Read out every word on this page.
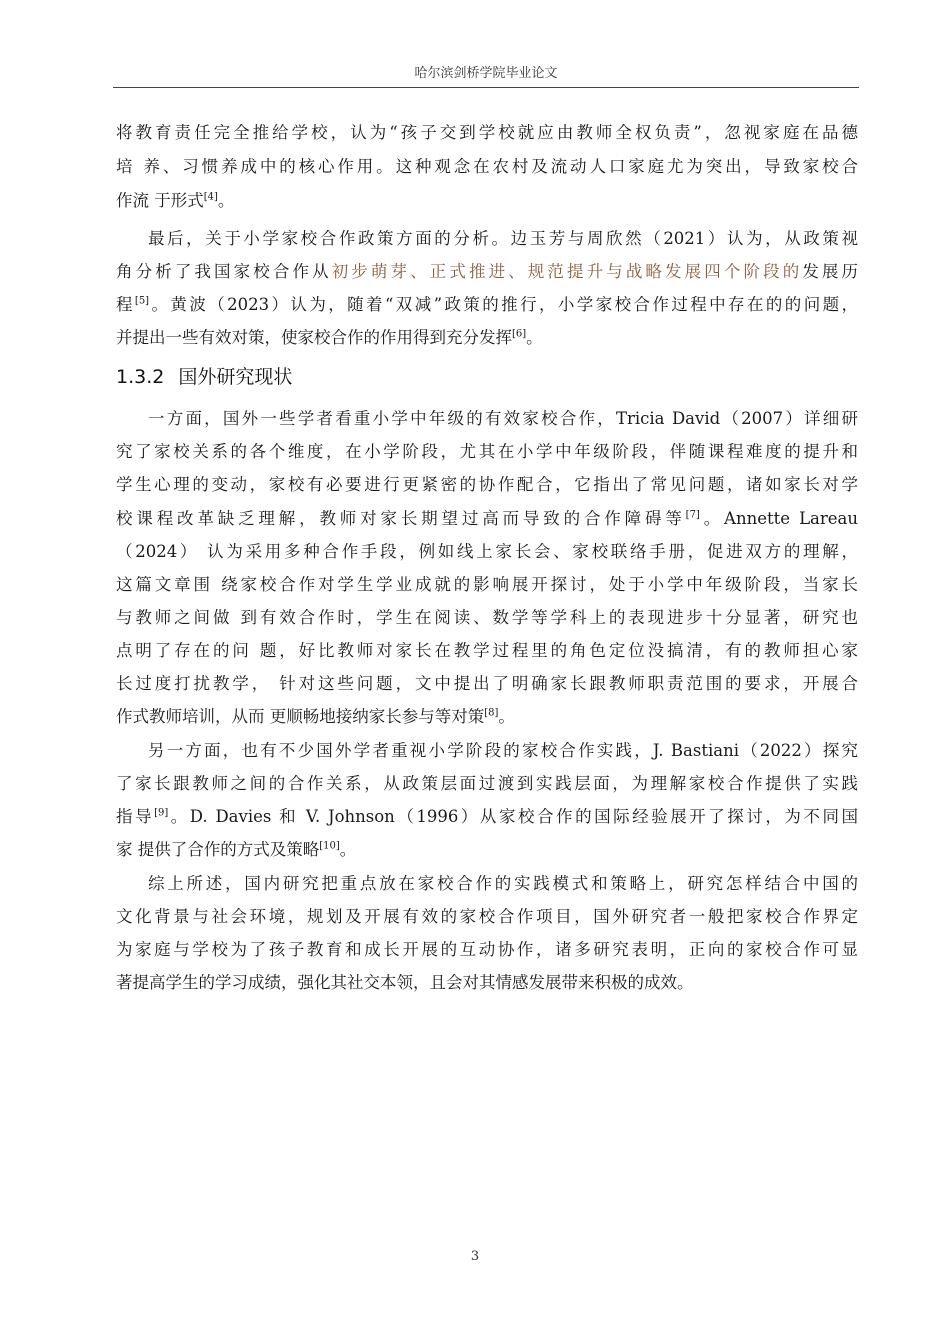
哈尔滨剑桥学院毕业论文
将教育责任完全推给学校，认为“孩子交到学校就应由教师全权负责”，忽视家庭在品德
培 养、习惯养成中的核心作用。这种观念在农村及流动人口家庭尤为突出，导致家校合
作流 于形式[4]。
最后，关于小学家校合作政策方面的分析。边玉芳与周欣然（2021）认为，从政策视
角分析了我国家校合作从初步萌芽、正式推进、规范提升与战略发展四个阶段的发展历
程[5]。黄波（2023）认为，随着“双减”政策的推行，小学家校合作过程中存在的的问题，
并提出一些有效对策，使家校合作的作用得到充分发挥[6]。
1.3.2 国外研究现状
一方面，国外一些学者看重小学中年级的有效家校合作，Tricia David（2007）详细研
究了家校关系的各个维度，在小学阶段，尤其在小学中年级阶段，伴随课程难度的提升和
学生心理的变动，家校有必要进行更紧密的协作配合，它指出了常见问题，诸如家长对学
校课程改革缺乏理解，教师对家长期望过高而导致的合作障碍等[7]。Annette Lareau
（2024） 认为采用多种合作手段，例如线上家长会、家校联络手册，促进双方的理解，
这篇文章围 绕家校合作对学生学业成就的影响展开探讨，处于小学中年级阶段，当家长
与教师之间做 到有效合作时，学生在阅读、数学等学科上的表现进步十分显著，研究也
点明了存在的问 题，好比教师对家长在教学过程里的角色定位没搞清，有的教师担心家
长过度打扰教学， 针对这些问题，文中提出了明确家长跟教师职责范围的要求，开展合
作式教师培训，从而 更顺畅地接纳家长参与等对策[8]。
另一方面，也有不少国外学者重视小学阶段的家校合作实践，J. Bastiani（2022）探究
了家长跟教师之间的合作关系，从政策层面过渡到实践层面，为理解家校合作提供了实践
指导[9]。D. Davies 和 V. Johnson（1996）从家校合作的国际经验展开了探讨，为不同国
家 提供了合作的方式及策略[10]。
综上所述，国内研究把重点放在家校合作的实践模式和策略上，研究怎样结合中国的
文化背景与社会环境，规划及开展有效的家校合作项目，国外研究者一般把家校合作界定
为家庭与学校为了孩子教育和成长开展的互动协作，诸多研究表明，正向的家校合作可显
著提高学生的学习成绩，强化其社交本领，且会对其情感发展带来积极的成效。
3
